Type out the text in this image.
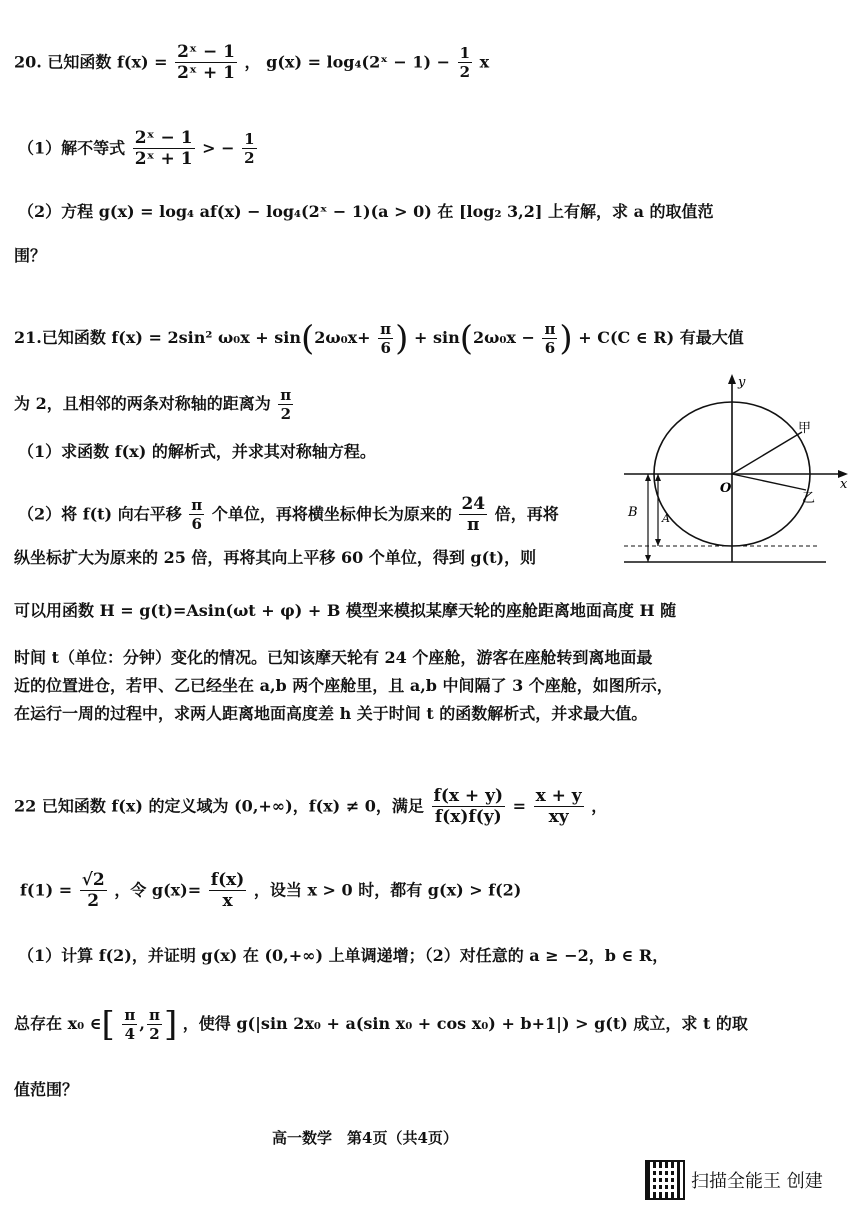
20. 已知函数 $f(x) = \frac{\text{2ˣ − 1}}{\text{2ˣ + 1}}$ ， g(x) = log₄(2ˣ − $1) - \frac{1}{2}$ x
（1）解不等式 $\frac{\text{2ˣ − 1}}{\text{2ˣ + 1}}$ > − $\frac{1}{2}$
（2）方程 g(x) = log₄ af(x) − log₄(2ˣ − 1)(a > 0) 在 [log₂ 3,2] 上有解，求 a 的取值范
围？
21.已知函数 f(x) = 2sin² $\omega_0x + \sin(2\omega_0x+ \frac{\pi}{6}$ ) + $\sin(2\omega_0x - \frac{\pi}{6}$ ) + C(C ∈ R) 有最大值
为 2，且相邻的两条对称轴的距离为 $\frac{\pi}{2}$
（1）求函数 f(x) 的解析式，并求其对称轴方程。
（2）将 f(t) 向右平移 $\frac{\pi}{6}$ 个单位，再将横坐标伸长为原来的 $\frac{24}{\pi}$ 倍，再将
纵坐标扩大为原来的 25 倍，再将其向上平移 60 个单位，得到 g(t)，则
可以用函数 H = g(t)=Asin(ωt + φ) + B 模型来模拟某摩天轮的座舱距离地面高度 H 随
时间 t（单位：分钟）变化的情况。已知该摩天轮有 24 个座舱，游客在座舱转到离地面最
近的位置进仓，若甲、乙已经坐在 a,b 两个座舱里，且 a,b 中间隔了 3 个座舱，如图所示，
在运行一周的过程中，求两人距离地面高度差 h 关于时间 t 的函数解析式，并求最大值。
y
x
O
甲
乙
B A
22 已知函数 f(x) 的定义域为 (0,+∞)，f(x) ≠ 0，满足 $\frac{f(x + y)}{f(x)f(y)} = \frac{x + y}{xy}$ ，
$f(1) = \frac{√2}{2}$ ，令 $g(x)= \frac{f(x)}{x}$ ，设当 x > 0 时，都有 g(x) > f(2)
（1）计算 f(2)，并证明 g(x) 在 (0,+∞) 上单调递增；（2）对任意的 a ≥ −2，b ∈ R，
总存在 x₀ ∈[ $\frac{\pi}{4}$ , $\frac{\pi}{2}$ ] ，使得 g(|sin 2x₀ + a(sin x₀ + cos x₀) + b+1|) > g(t) 成立，求 t 的取
值范围？
高一数学　第4页（共4页）
扫描全能王 创建
